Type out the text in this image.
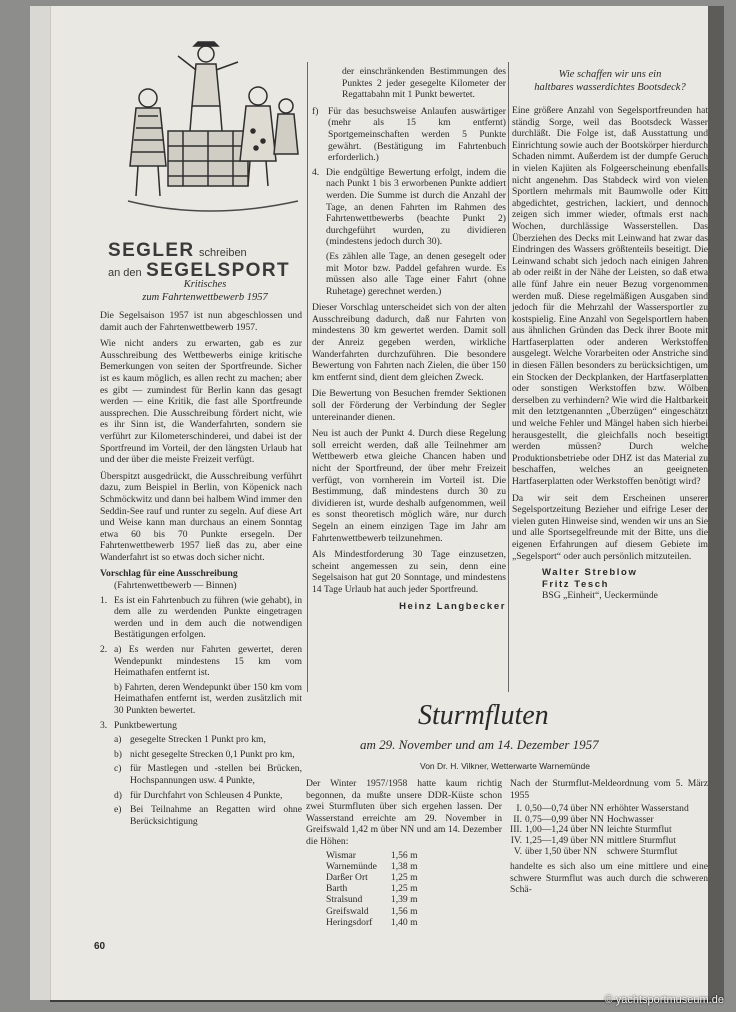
SEGLER schreiben
an den SEGELSPORT
Kritisches
zum Fahrtenwettbewerb 1957

Die Segelsaison 1957 ist nun abgeschlossen und damit auch der Fahrtenwettbewerb 1957.

Wie nicht anders zu erwarten, gab es zur Ausschreibung des Wettbewerbs einige kritische Bemerkungen von seiten der Sportfreunde. Sicher ist es kaum möglich, es allen recht zu machen; aber es gibt — zumindest für Berlin kann das gesagt werden — eine Kritik, die fast alle Sportfreunde aussprechen. Die Ausschreibung fördert nicht, wie es ihr Sinn ist, die Wanderfahrten, sondern sie verführt zur Kilometerschinderei, und dabei ist der Sportfreund im Vorteil, der den längsten Urlaub hat und der über die meiste Freizeit verfügt.

Überspitzt ausgedrückt, die Ausschreibung verführt dazu, zum Beispiel in Berlin, von Köpenick nach Schmöckwitz und dann bei halbem Wind immer den Seddin-See rauf und runter zu segeln. Auf diese Art und Weise kann man durchaus an einem Sonntag etwa 60 bis 70 Punkte ersegeln. Der Fahrtenwettbewerb 1957 ließ das zu, aber eine Wanderfahrt ist so etwas doch sicher nicht.

Vorschlag für eine Ausschreibung
(Fahrtenwettbewerb — Binnen)
1. Es ist ein Fahrtenbuch zu führen (wie gehabt), in dem alle zu werdenden Punkte eingetragen werden und in dem auch die notwendigen Bestätigungen erfolgen.
2. a) Es werden nur Fahrten gewertet, deren Wendepunkt mindestens 15 km vom Heimathafen entfernt ist.
b) Fahrten, deren Wendepunkt über 150 km vom Heimathafen entfernt ist, werden zusätzlich mit 30 Punkten bewertet.
3. Punktbewertung
a) gesegelte Strecken 1 Punkt pro km,
b) nicht gesegelte Strecken 0,1 Punkt pro km,
c) für Mastlegen und -stellen bei Brücken, Hochspannungen usw. 4 Punkte,
d) für Durchfahrt von Schleusen 4 Punkte,
e) Bei Teilnahme an Regatten wird ohne Berücksichtigung

der einschränkenden Bestimmungen des Punktes 2 jeder gesegelte Kilometer der Regattabahn mit 1 Punkt bewertet.

f) Für das besuchsweise Anlaufen auswärtiger (mehr als 15 km entfernt) Sportgemeinschaften werden 5 Punkte gewährt. (Bestätigung im Fahrtenbuch erforderlich.)
4. Die endgültige Bewertung erfolgt, indem die nach Punkt 1 bis 3 erworbenen Punkte addiert werden. Die Summe ist durch die Anzahl der Tage, an denen Fahrten im Rahmen des Fahrtenwettbewerbs (beachte Punkt 2) durchgeführt wurden, zu dividieren (mindestens jedoch durch 30).

(Es zählen alle Tage, an denen gesegelt oder mit Motor bzw. Paddel gefahren wurde. Es müssen also alle Tage einer Fahrt (ohne Ruhetage) gerechnet werden.)

Dieser Vorschlag unterscheidet sich von der alten Ausschreibung dadurch, daß nur Fahrten von mindestens 30 km gewertet werden. Damit soll der Anreiz gegeben werden, wirkliche Wanderfahrten durchzuführen. Die besondere Bewertung von Fahrten nach Zielen, die über 150 km entfernt sind, dient dem gleichen Zweck.

Die Bewertung von Besuchen fremder Sektionen soll der Förderung der Verbindung der Segler untereinander dienen.

Neu ist auch der Punkt 4. Durch diese Regelung soll erreicht werden, daß alle Teilnehmer am Wettbewerb etwa gleiche Chancen haben und nicht der Sportfreund, der über mehr Freizeit verfügt, von vornherein im Vorteil ist. Die Bestimmung, daß mindestens durch 30 zu dividieren ist, wurde deshalb aufgenommen, weil es sonst theoretisch möglich wäre, nur durch Segeln an einem einzigen Tage im Jahr am Fahrtenwettbewerb teilzunehmen.

Als Mindestforderung 30 Tage einzusetzen, scheint angemessen zu sein, denn eine Segelsaison hat gut 20 Sonntage, und mindestens 14 Tage Urlaub hat auch jeder Sportfreund.

Heinz Langbecker
Wie schaffen wir uns ein
haltbares wasserdichtes Bootsdeck?

Eine größere Anzahl von Segelsportfreunden hat ständig Sorge, weil das Bootsdeck Wasser durchläßt. Die Folge ist, daß Ausstattung und Einrichtung sowie auch der Bootskörper hierdurch Schaden nimmt. Außerdem ist der dumpfe Geruch in vielen Kajüten als Folgeerscheinung ebenfalls nicht angenehm. Das Stabdeck wird von vielen Sportlern mehrmals mit Baumwolle oder Kitt abgedichtet, gestrichen, lackiert, und dennoch zeigen sich immer wieder, oftmals erst nach Wochen, durchlässige Wasserstellen. Das Überziehen des Decks mit Leinwand hat zwar das Eindringen des Wassers größtenteils beseitigt. Die Leinwand schabt sich jedoch nach einigen Jahren ab oder reißt in der Nähe der Leisten, so daß etwa alle fünf Jahre ein neuer Bezug vorgenommen werden muß. Diese regelmäßigen Ausgaben sind jedoch für die Mehrzahl der Wassersportler zu kostspielig. Eine Anzahl von Segelsportlern haben aus ähnlichen Gründen das Deck ihrer Boote mit Hartfaserplatten oder anderen Werkstoffen ausgelegt. Welche Vorarbeiten oder Anstriche sind in diesen Fällen besonders zu berücksichtigen, um ein Stocken der Deckplanken, der Hartfaserplatten oder sonstigen Werkstoffen bzw. Wölben derselben zu verhindern? Wie wird die Haltbarkeit mit den letztgenannten „Überzügen“ eingeschätzt und welche Fehler und Mängel haben sich hierbei herausgestellt, die gleichfalls noch beseitigt werden müssen? Durch welche Produktionsbetriebe oder DHZ ist das Material zu beschaffen, welches an geeigneten Hartfaserplatten oder Werkstoffen benötigt wird?

Da wir seit dem Erscheinen unserer Segelsportzeitung Bezieher und eifrige Leser der vielen guten Hinweise sind, wenden wir uns an Sie und alle Sportsegelfreunde mit der Bitte, uns die eigenen Erfahrungen auf diesem Gebiete im „Segelsport“ oder auch persönlich mitzuteilen.

Walter Streblow
Fritz Tesch
BSG „Einheit“, Ueckermünde
Sturmfluten
am 29. November und am 14. Dezember 1957
Von Dr. H. Vilkner, Wetterwarte Warnemünde

Der Winter 1957/1958 hatte kaum richtig begonnen, da mußte unsere DDR-Küste schon zwei Sturmfluten über sich ergehen lassen. Der Wasserstand erreichte am 29. November in Greifswald 1,42 m über NN und am 14. Dezember die Höhen:

Wismar	1,56 m
Warnemünde	1,38 m
Darßer Ort	1,25 m
Barth	1,25 m
Stralsund	1,39 m
Greifswald	1,56 m
Heringsdorf	1,40 m

Nach der Sturmflut-Meldeordnung vom 5. März 1955

I.	0,50—0,74 über NN	erhöhter Wasserstand
II.	0,75—0,99 über NN	Hochwasser
III.	1,00—1,24 über NN	leichte Sturmflut
IV.	1,25—1,49 über NN	mittlere Sturmflut
V.	über 1,50 über NN	schwere Sturmflut

handelte es sich also um eine mittlere und eine schwere Sturmflut was auch durch die schweren Schä-

60
© yachtsportmuseum.de
